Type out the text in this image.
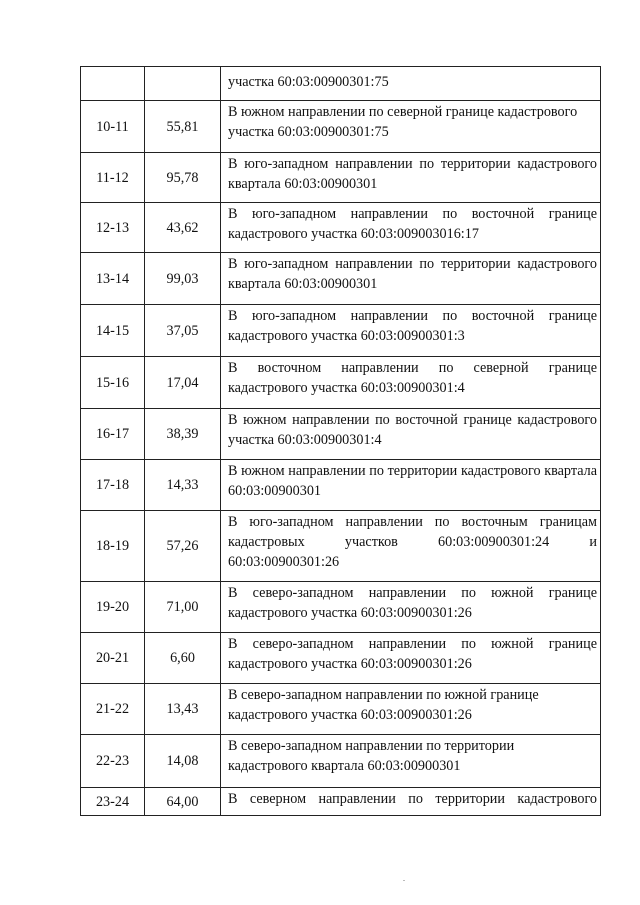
		участка 60:03:00900301:75
10-11	55,81	В южном направлении по северной границе кадастрового участка 60:03:00900301:75
11-12	95,78	В юго-западном направлении по территории кадастрового квартала 60:03:00900301
12-13	43,62	В юго-западном направлении по восточной границе кадастрового участка 60:03:009003016:17
13-14	99,03	В юго-западном направлении по территории кадастрового квартала 60:03:00900301
14-15	37,05	В юго-западном направлении по восточной границе кадастрового участка 60:03:00900301:3
15-16	17,04	В восточном направлении по северной границе кадастрового участка 60:03:00900301:4
16-17	38,39	В южном направлении по восточной границе кадастрового участка 60:03:00900301:4
17-18	14,33	В южном направлении по территории кадастрового квартала 60:03:00900301
18-19	57,26	В юго-западном направлении по восточным границам кадастровых участков 60:03:00900301:24 и 60:03:00900301:26
19-20	71,00	В северо-западном направлении по южной границе кадастрового участка 60:03:00900301:26
20-21	6,60	В северо-западном направлении по южной границе кадастрового участка 60:03:00900301:26
21-22	13,43	В северо-западном направлении по южной границе кадастрового участка 60:03:00900301:26
22-23	14,08	В северо-западном направлении по территории кадастрового квартала 60:03:00900301
23-24	64,00	В северном направлении по территории кадастрового
